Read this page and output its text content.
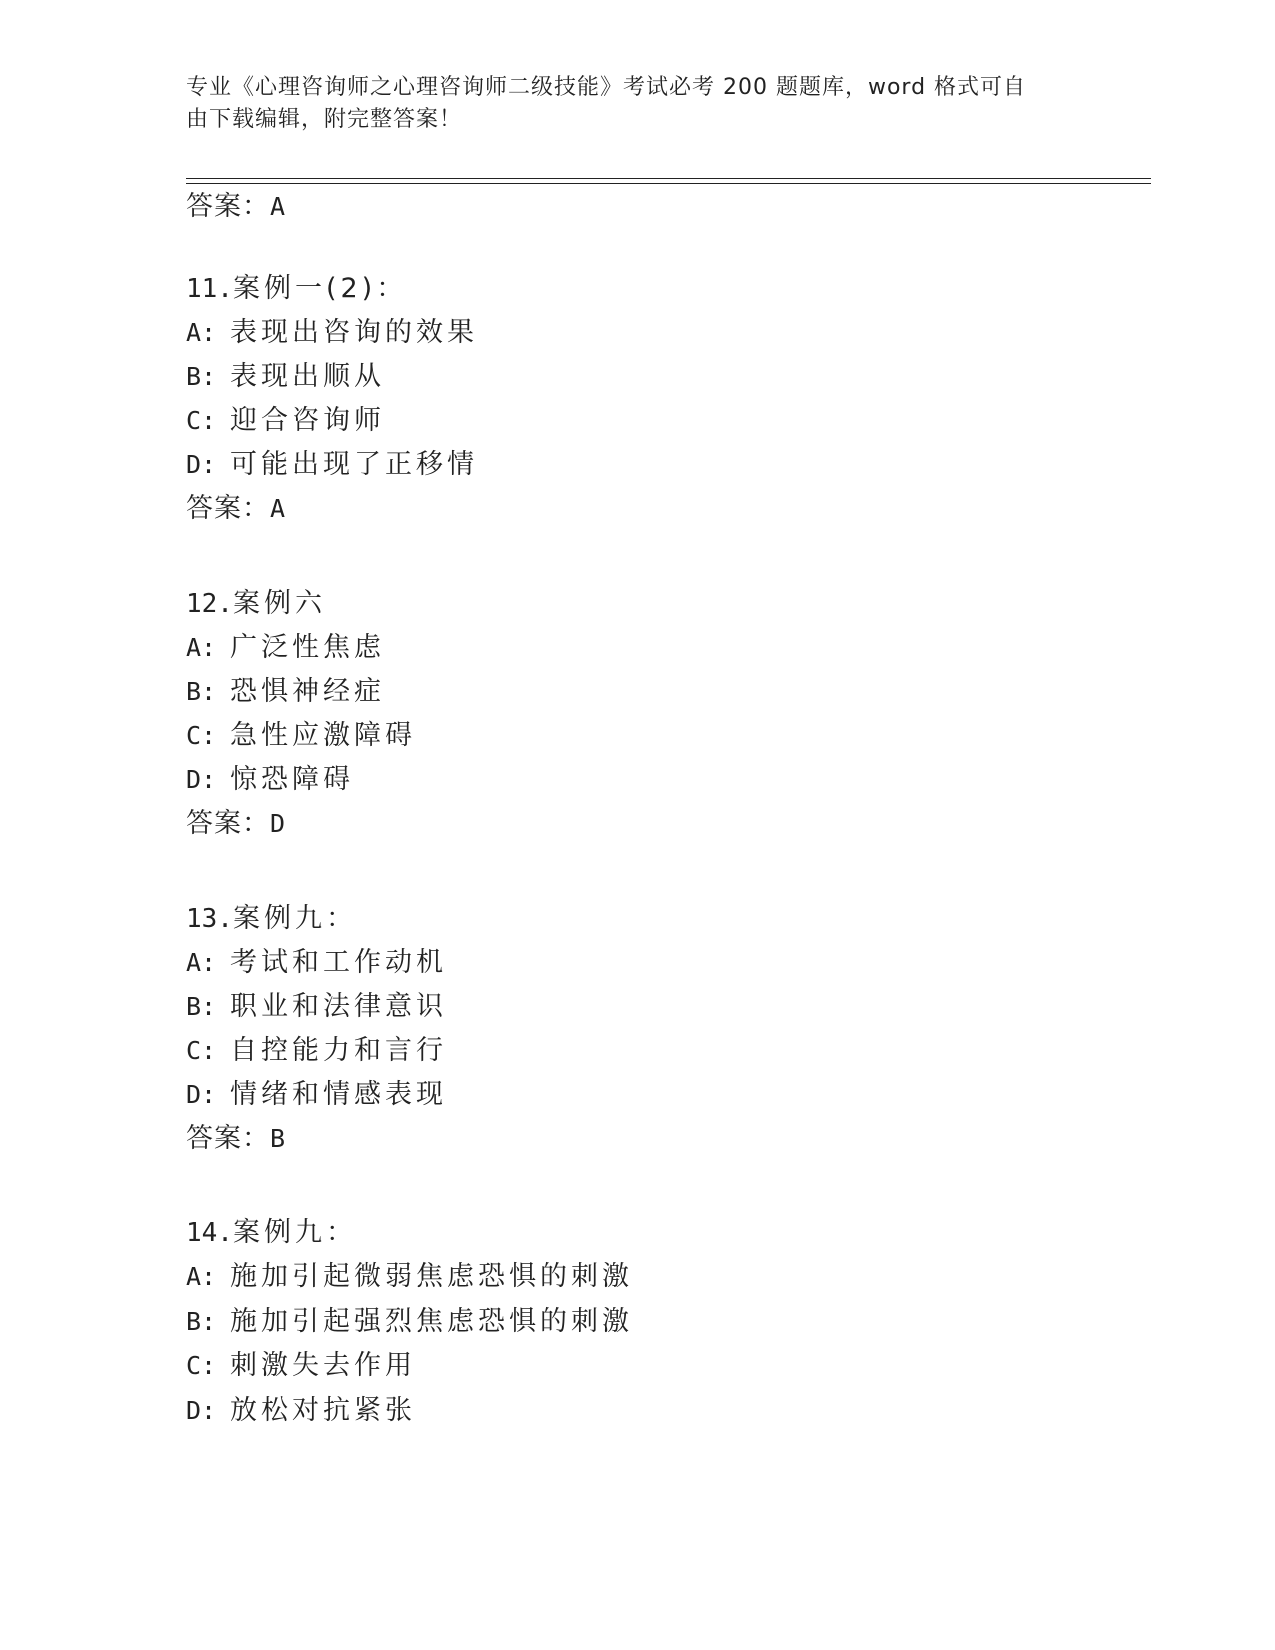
专业《心理咨询师之心理咨询师二级技能》考试必考 200 题题库，word 格式可自
由下载编辑，附完整答案！
答案：A
11.案例一(2)：
A: 表现出咨询的效果
B: 表现出顺从
C: 迎合咨询师
D: 可能出现了正移情
答案：A
12.案例六
A: 广泛性焦虑
B: 恐惧神经症
C: 急性应激障碍
D: 惊恐障碍
答案：D
13.案例九：
A: 考试和工作动机
B: 职业和法律意识
C: 自控能力和言行
D: 情绪和情感表现
答案：B
14.案例九：
A: 施加引起微弱焦虑恐惧的刺激
B: 施加引起强烈焦虑恐惧的刺激
C: 刺激失去作用
D: 放松对抗紧张
